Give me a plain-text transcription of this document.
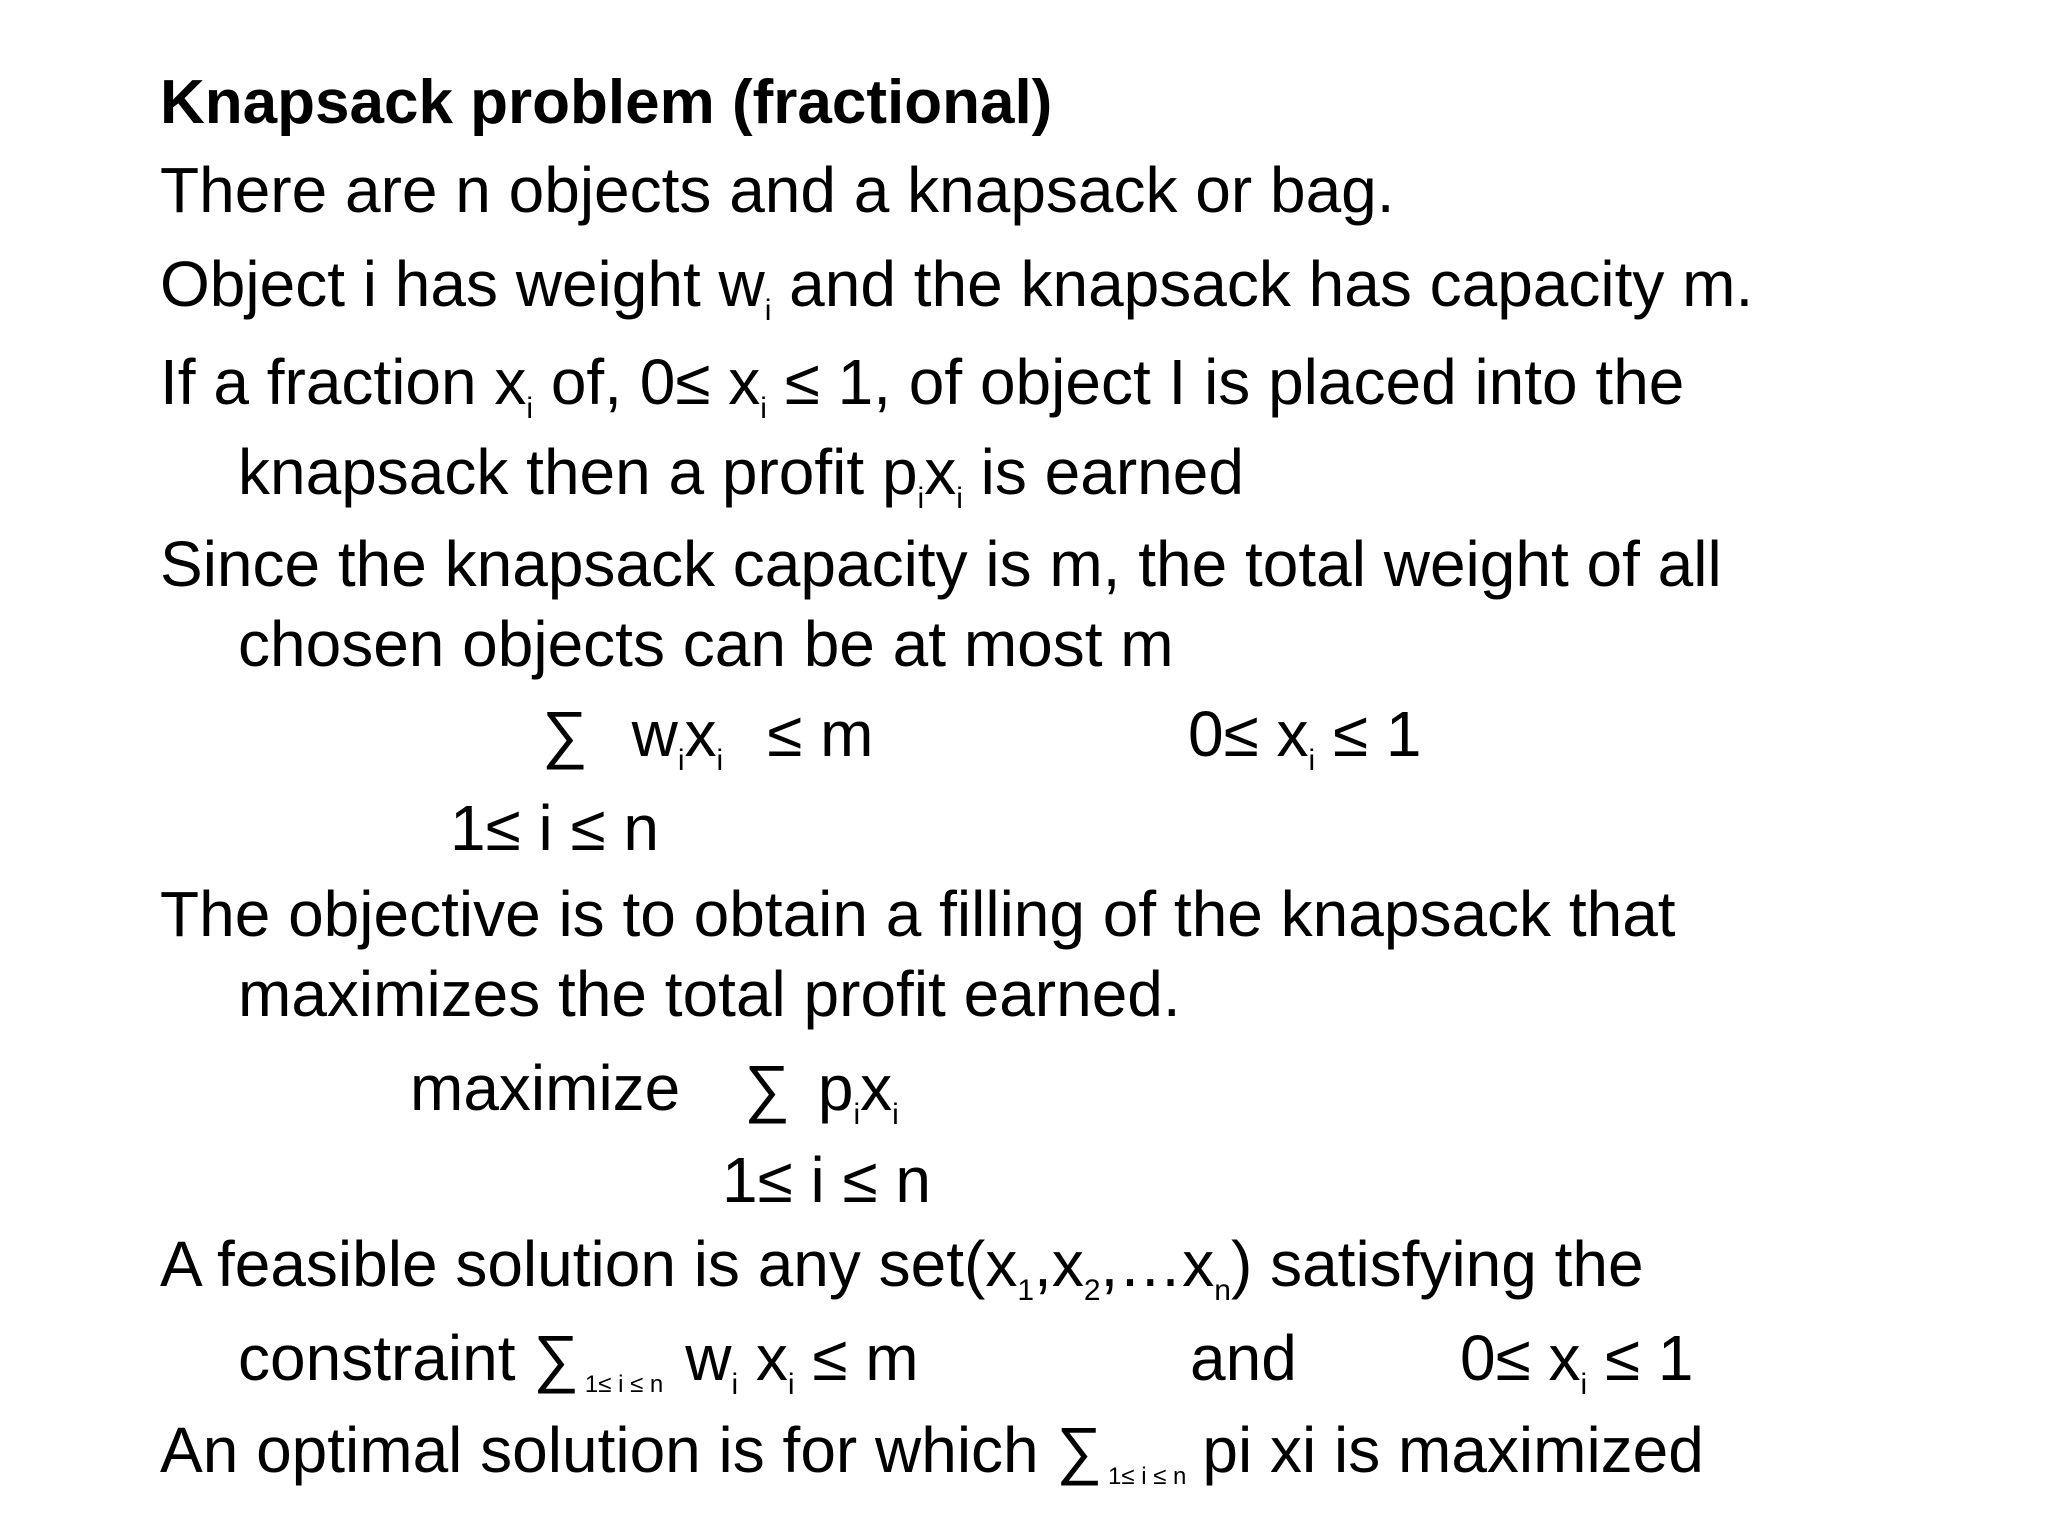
Knapsack problem (fractional)
There are n objects and a knapsack or bag.
Object i has weight $w_i$ and the knapsack has capacity m.
If a fraction $x_i$ of, $0\le x_i \le 1$, of object I is placed into the
knapsack then a profit $p_ix_i$ is earned
Since the knapsack capacity is m, the total weight of all
chosen objects can be at most m
∑ $w_ix_i \le m$	$0\le x_i \le 1$
1≤ i ≤ n
The objective is to obtain a filling of the knapsack that
maximizes the total profit earned.
maximize ∑ $p_ix_i$
1≤ i ≤ n
A feasible solution is any $set(x_1,x_2,\dots x_n)$ satisfying the
constraint ∑ $_{1\le i \le n}$ $w_i$ $x_i \le m$	and	$0\le x_i \le 1$
An optimal solution is for which ∑ $_{1\le i \le n}$ pi xi is maximized
